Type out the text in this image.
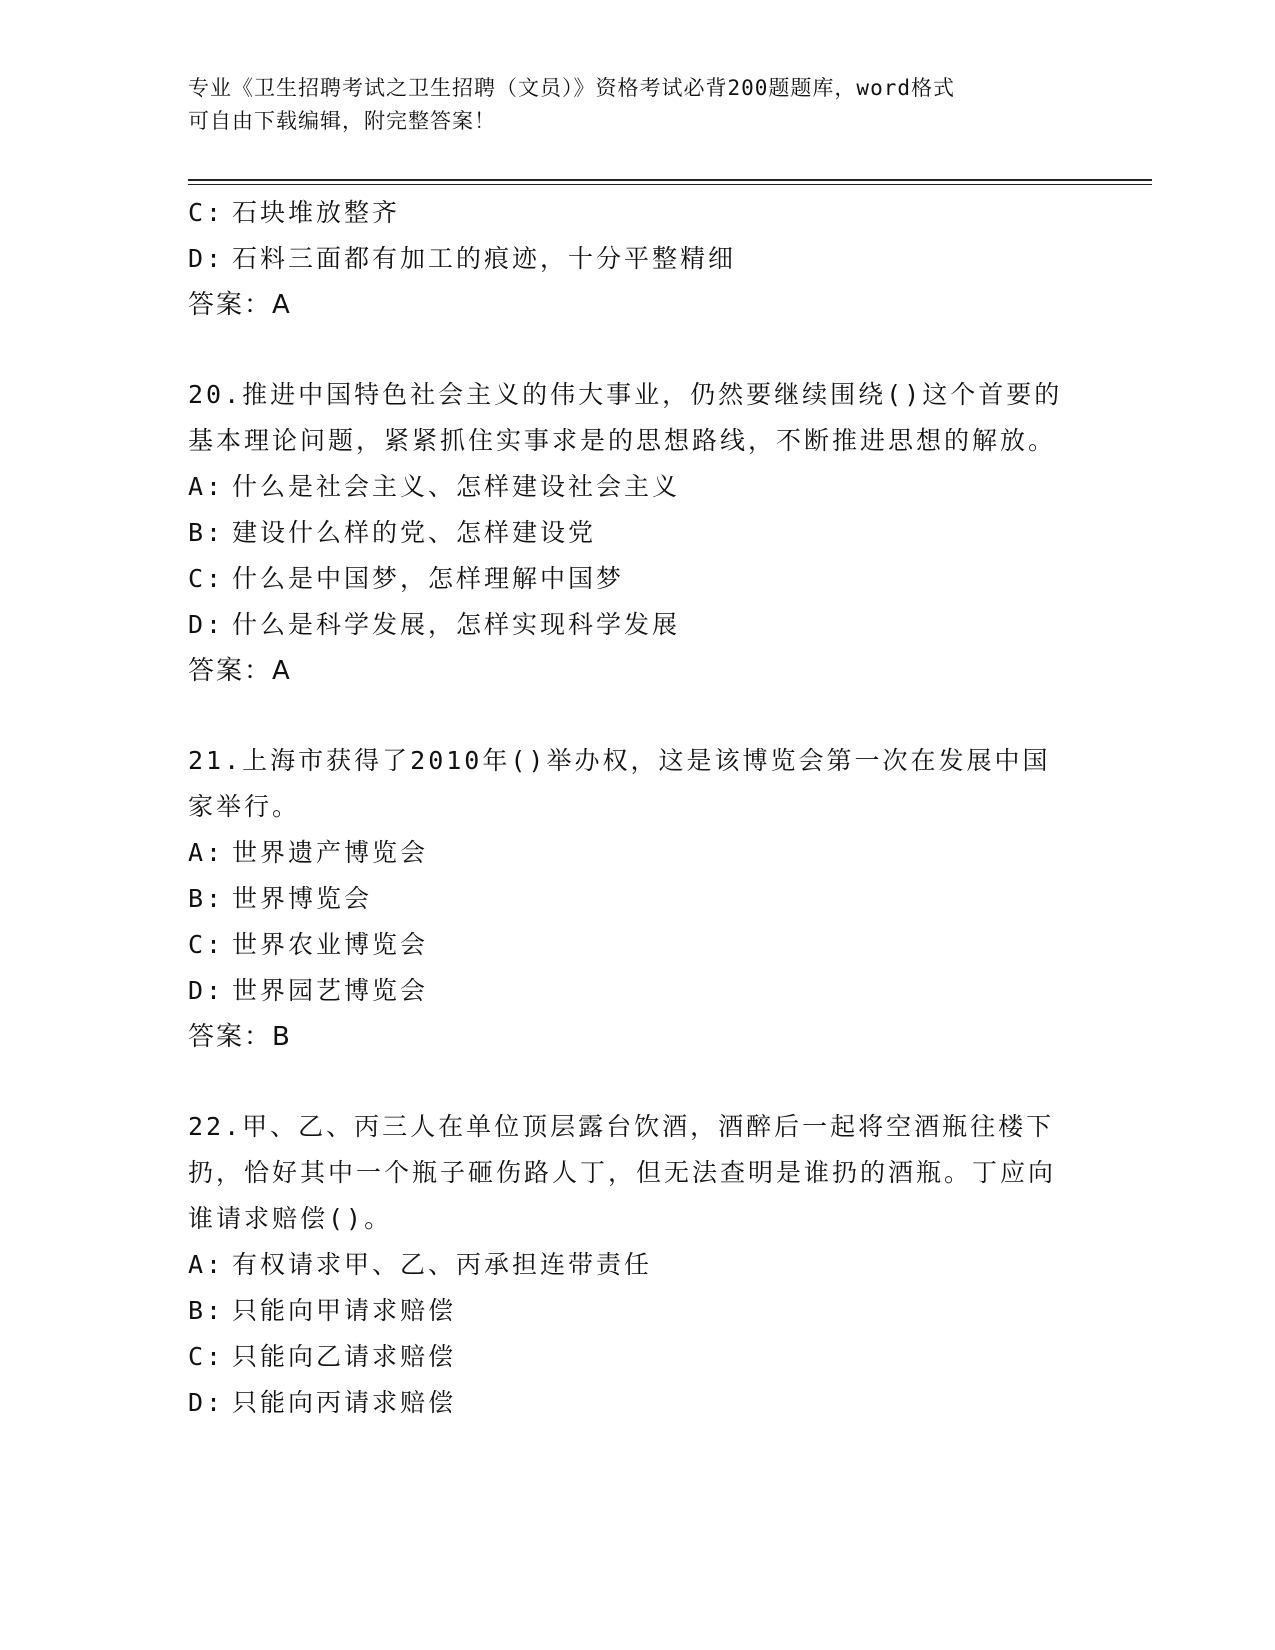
专业《卫生招聘考试之卫生招聘（文员）》资格考试必背200题题库，word格式
可自由下载编辑，附完整答案！
C: 石块堆放整齐
D: 石料三面都有加工的痕迹，十分平整精细
答案：A
20.推进中国特色社会主义的伟大事业，仍然要继续围绕()这个首要的基本理论问题，紧紧抓住实事求是的思想路线，不断推进思想的解放。
A: 什么是社会主义、怎样建设社会主义
B: 建设什么样的党、怎样建设党
C: 什么是中国梦，怎样理解中国梦
D: 什么是科学发展，怎样实现科学发展
答案：A
21.上海市获得了2010年()举办权，这是该博览会第一次在发展中国家举行。
A: 世界遗产博览会
B: 世界博览会
C: 世界农业博览会
D: 世界园艺博览会
答案：B
22.甲、乙、丙三人在单位顶层露台饮酒，酒醉后一起将空酒瓶往楼下扔，恰好其中一个瓶子砸伤路人丁，但无法查明是谁扔的酒瓶。丁应向谁请求赔偿()。
A: 有权请求甲、乙、丙承担连带责任
B: 只能向甲请求赔偿
C: 只能向乙请求赔偿
D: 只能向丙请求赔偿
